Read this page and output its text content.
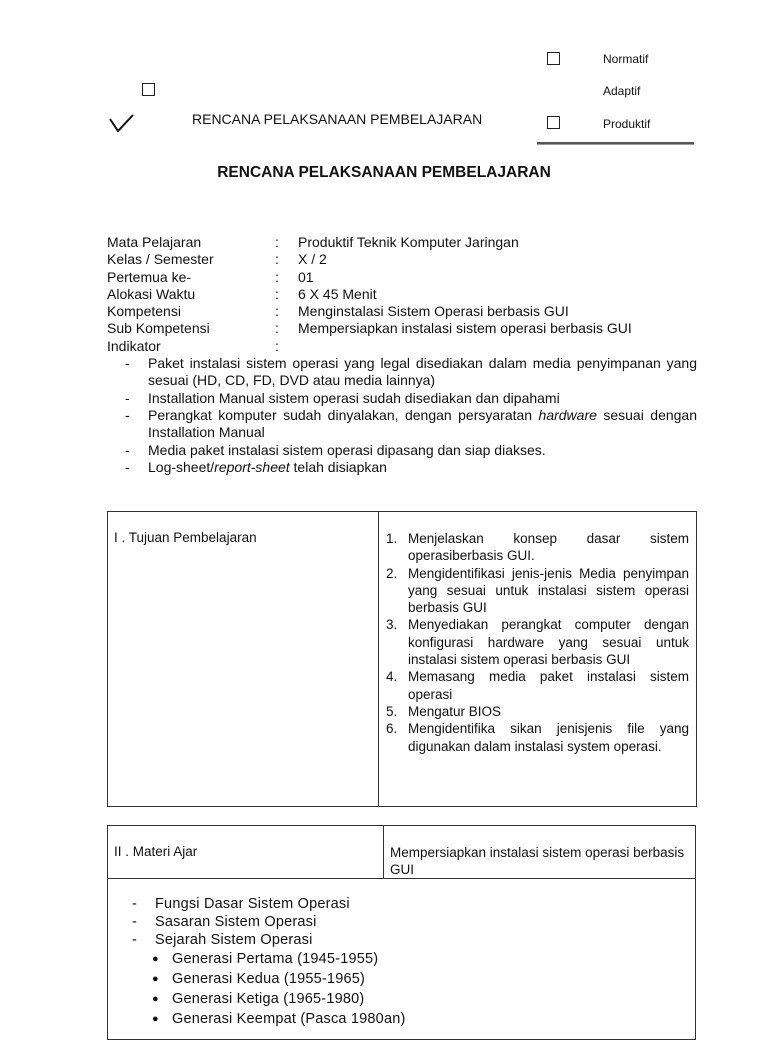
Normatif
Adaptif
RENCANA PELAKSANAAN PEMBELAJARAN	Produktif
RENCANA PELAKSANAAN PEMBELAJARAN
Mata Pelajaran	: Produktif Teknik Komputer Jaringan
Kelas / Semester	: X / 2
Pertemua ke-	: 01
Alokasi Waktu	: 6 X 45 Menit
Kompetensi	: Menginstalasi Sistem Operasi berbasis GUI
Sub Kompetensi	: Mempersiapkan instalasi sistem operasi berbasis GUI
Indikator	:
- Paket instalasi sistem operasi yang legal disediakan dalam media penyimpanan yang sesuai (HD, CD, FD, DVD atau media lainnya)
- Installation Manual sistem operasi sudah disediakan dan dipahami
- Perangkat komputer sudah dinyalakan, dengan persyaratan hardware sesuai dengan Installation Manual
- Media paket instalasi sistem operasi dipasang dan siap diakses.
- Log-sheet/report-sheet telah disiapkan
I . Tujuan Pembelajaran	1. Menjelaskan konsep dasar sistem operasiberbasis GUI.
2. Mengidentifikasi jenis-jenis Media penyimpan yang sesuai untuk instalasi sistem operasi berbasis GUI
3. Menyediakan perangkat computer dengan konfigurasi hardware yang sesuai untuk instalasi sistem operasi berbasis GUI
4. Memasang media paket instalasi sistem operasi
5. Mengatur BIOS
6. Mengidentifika sikan jenisjenis file yang digunakan dalam instalasi system operasi.
II . Materi Ajar	Mempersiapkan instalasi sistem operasi berbasis GUI

- Fungsi Dasar Sistem Operasi
- Sasaran Sistem Operasi
- Sejarah Sistem Operasi
● Generasi Pertama (1945-1955)
● Generasi Kedua (1955-1965)
● Generasi Ketiga (1965-1980)
● Generasi Keempat (Pasca 1980an)
